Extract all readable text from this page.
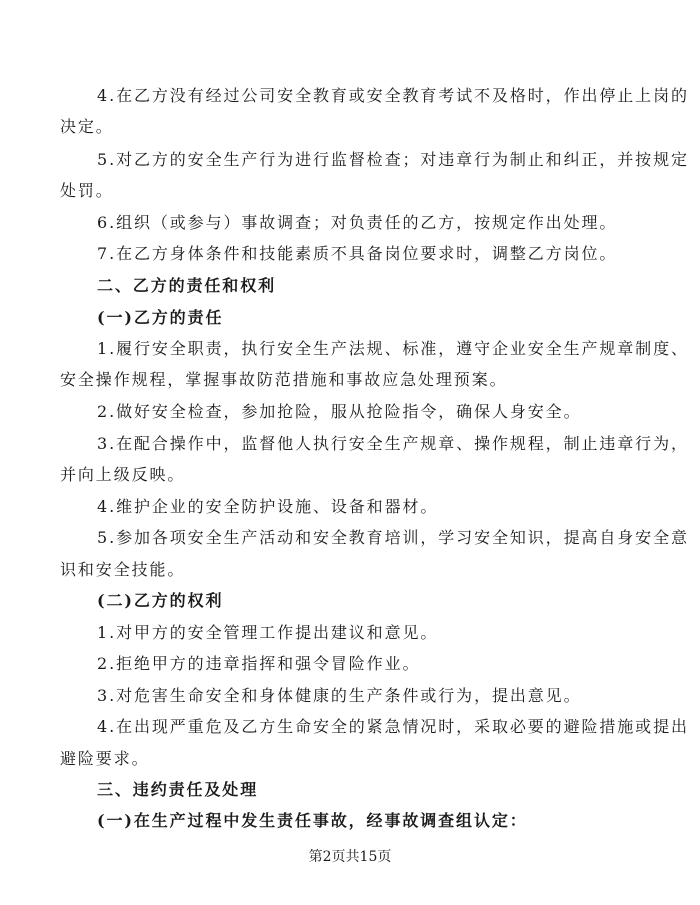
4.在乙方没有经过公司安全教育或安全教育考试不及格时，作出停止上岗的
决定。
5.对乙方的安全生产行为进行监督检查；对违章行为制止和纠正，并按规定
处罚。
6.组织（或参与）事故调查；对负责任的乙方，按规定作出处理。
7.在乙方身体条件和技能素质不具备岗位要求时，调整乙方岗位。
二、乙方的责任和权利
(一)乙方的责任
1.履行安全职责，执行安全生产法规、标准，遵守企业安全生产规章制度、
安全操作规程，掌握事故防范措施和事故应急处理预案。
2.做好安全检查，参加抢险，服从抢险指令，确保人身安全。
3.在配合操作中，监督他人执行安全生产规章、操作规程，制止违章行为，
并向上级反映。
4.维护企业的安全防护设施、设备和器材。
5.参加各项安全生产活动和安全教育培训，学习安全知识，提高自身安全意
识和安全技能。
(二)乙方的权利
1.对甲方的安全管理工作提出建议和意见。
2.拒绝甲方的违章指挥和强令冒险作业。
3.对危害生命安全和身体健康的生产条件或行为，提出意见。
4.在出现严重危及乙方生命安全的紧急情况时，采取必要的避险措施或提出
避险要求。
三、违约责任及处理
(一)在生产过程中发生责任事故，经事故调查组认定：
第2页共15页
